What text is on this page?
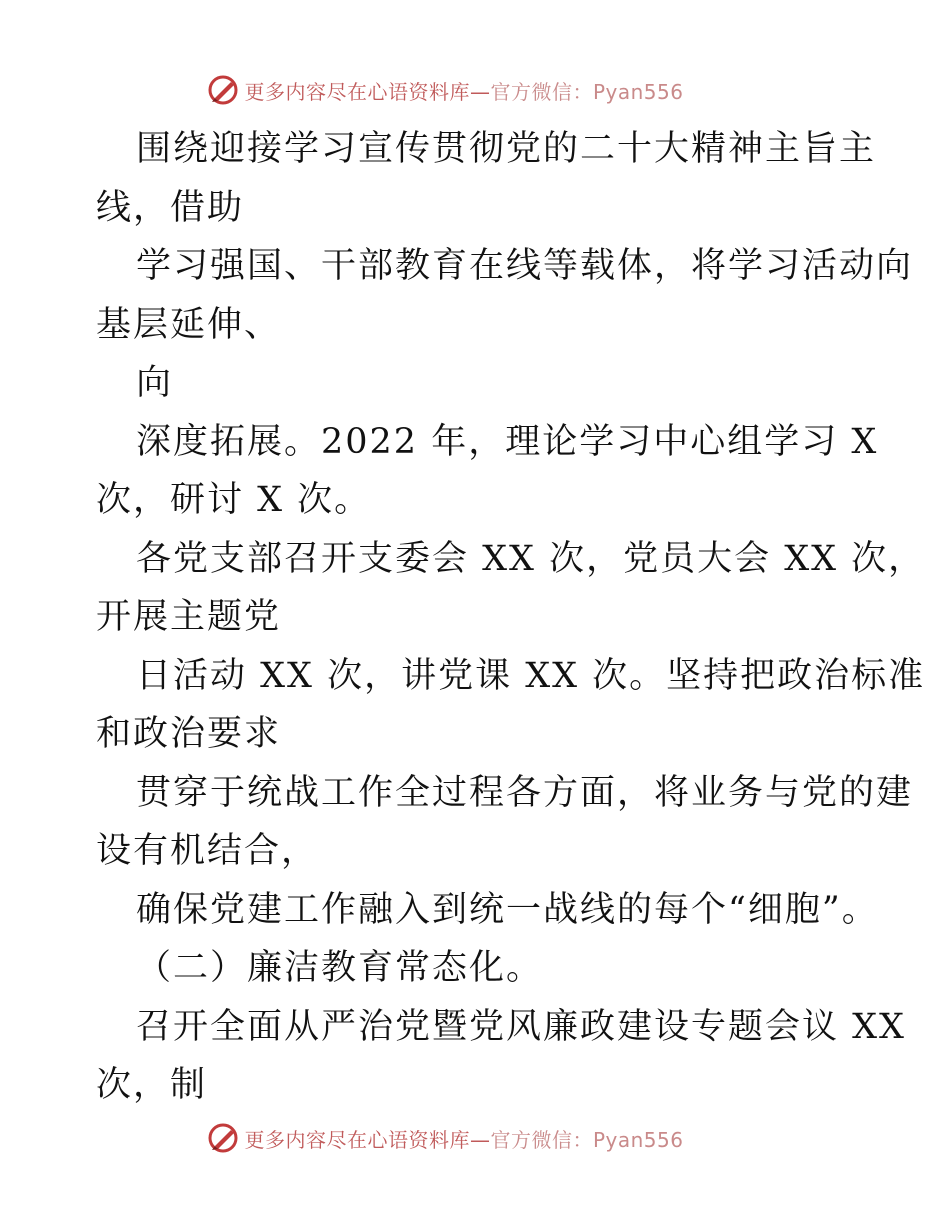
更多内容尽在心语资料库—官方微信：Pyan556
围绕迎接学习宣传贯彻党的二十大精神主旨主
线，借助
学习强国、干部教育在线等载体，将学习活动向
基层延伸、
向
深度拓展。2022 年，理论学习中心组学习 X
次，研讨 X 次。
各党支部召开支委会 XX 次，党员大会 XX 次，
开展主题党
日活动 XX 次，讲党课 XX 次。坚持把政治标准
和政治要求
贯穿于统战工作全过程各方面，将业务与党的建
设有机结合，
确保党建工作融入到统一战线的每个“细胞”。
（二）廉洁教育常态化。
召开全面从严治党暨党风廉政建设专题会议 XX
次，制
更多内容尽在心语资料库—官方微信：Pyan556
